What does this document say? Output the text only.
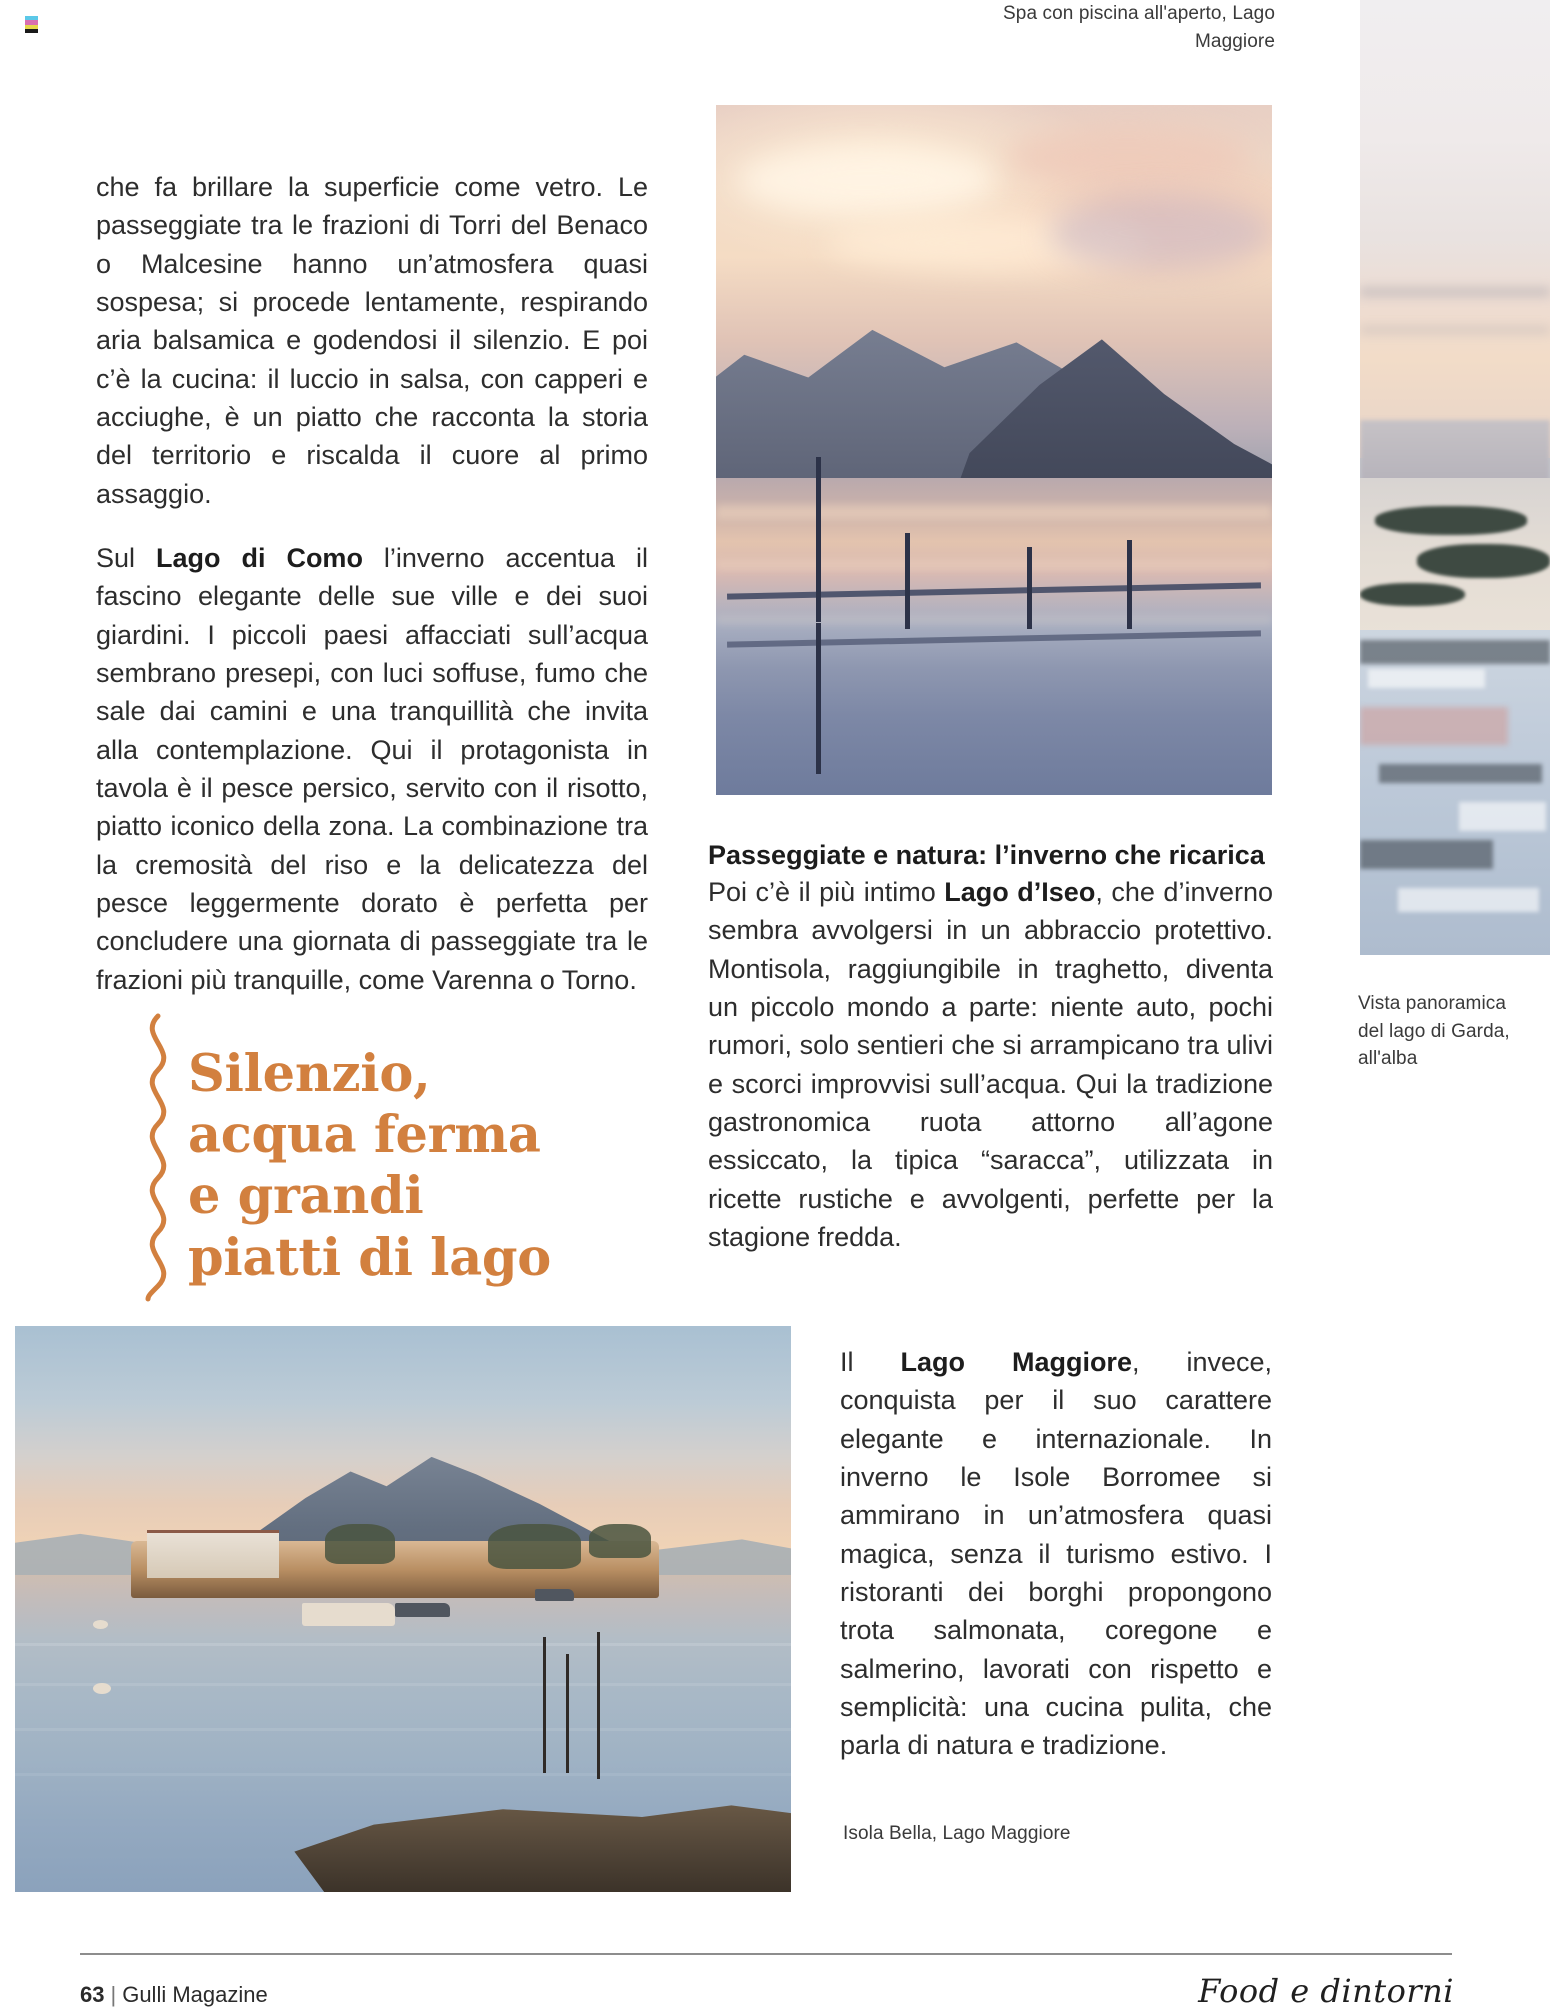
Spa con piscina all'aperto, Lago Maggiore

che fa brillare la superficie come vetro. Le passeggiate tra le frazioni di Torri del Benaco o Malcesine hanno un’atmosfera quasi sospesa; si procede lentamente, respirando aria balsamica e godendosi il silenzio. E poi c’è la cucina: il luccio in salsa, con capperi e acciughe, è un piatto che racconta la storia del territorio e riscalda il cuore al primo assaggio.

Sul Lago di Como l’inverno accentua il fascino elegante delle sue ville e dei suoi giardini. I piccoli paesi affacciati sull’acqua sembrano presepi, con luci soffuse, fumo che sale dai camini e una tranquillità che invita alla contemplazione. Qui il protagonista in tavola è il pesce persico, servito con il risotto, piatto iconico della zona. La combinazione tra la cremosità del riso e la delicatezza del pesce leggermente dorato è perfetta per concludere una giornata di passeggiate tra le frazioni più tranquille, come Varenna o Torno.

Silenzio, acqua ferma e grandi piatti di lago

Passeggiate e natura: l’inverno che ricarica

Poi c’è il più intimo Lago d’Iseo, che d’inverno sembra avvolgersi in un abbraccio protettivo. Montisola, raggiungibile in traghetto, diventa un piccolo mondo a parte: niente auto, pochi rumori, solo sentieri che si arrampicano tra ulivi e scorci improvvisi sull’acqua. Qui la tradizione gastronomica ruota attorno all’agone essiccato, la tipica “saracca”, utilizzata in ricette rustiche e avvolgenti, perfette per la stagione fredda.

Vista panoramica del lago di Garda, all'alba

Il Lago Maggiore, invece, conquista per il suo carattere elegante e internazionale. In inverno le Isole Borromee si ammirano in un’atmosfera quasi magica, senza il turismo estivo. I ristoranti dei borghi propongono trota salmonata, coregone e salmerino, lavorati con rispetto e semplicità: una cucina pulita, che parla di natura e tradizione.

Isola Bella, Lago Maggiore
63 | Gulli Magazine	Food e dintorni
